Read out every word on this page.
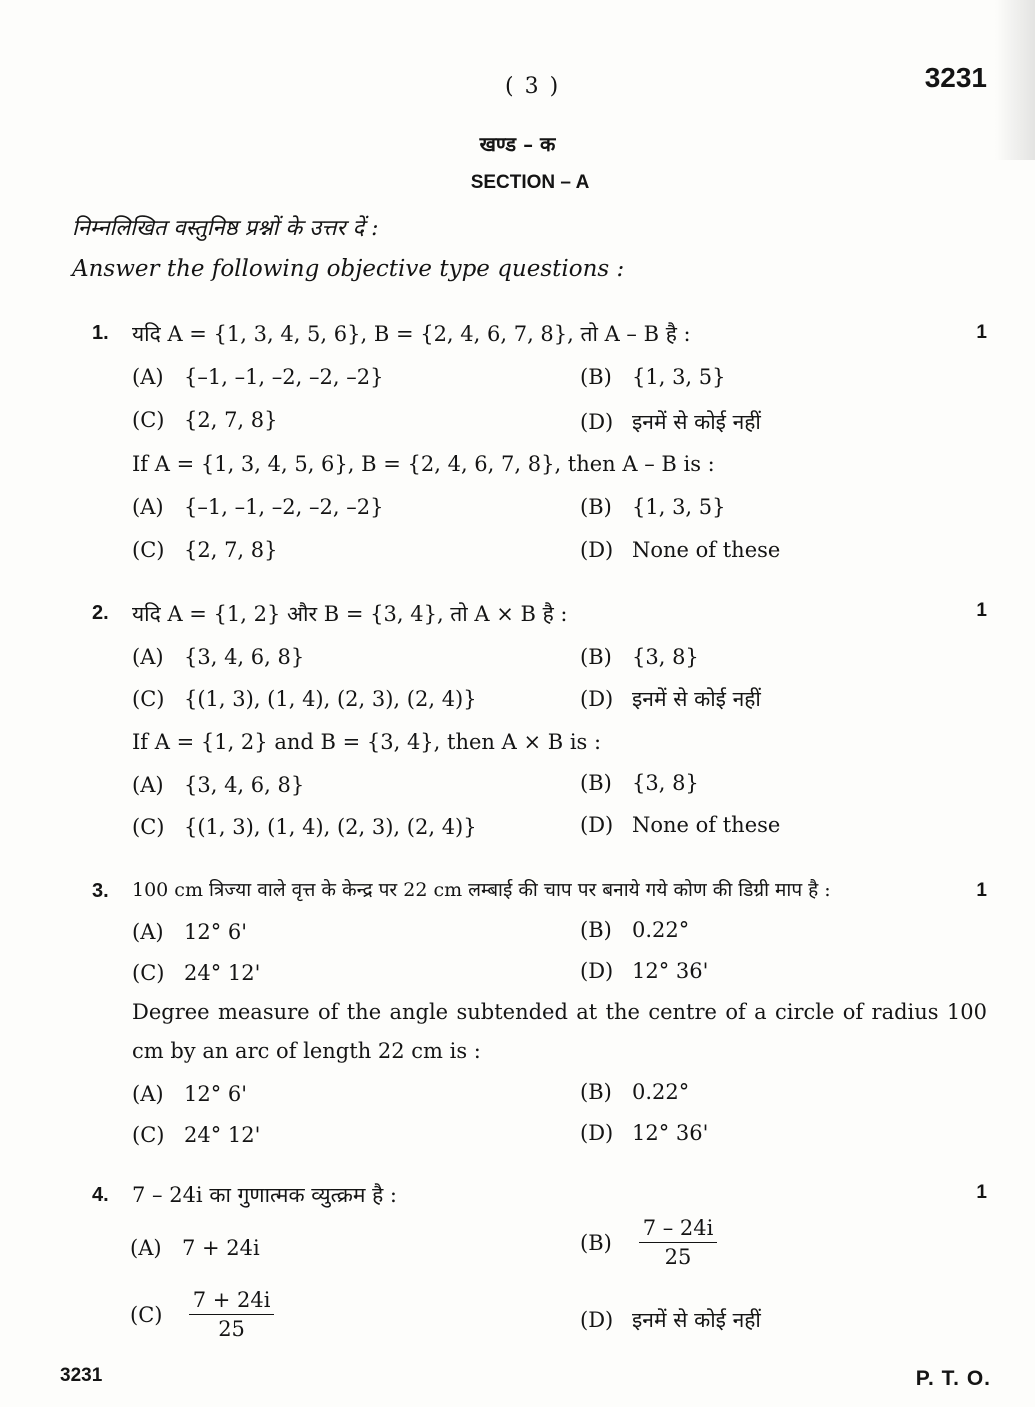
( 3 )	3231
खण्ड – क
SECTION – A
निम्नलिखित वस्तुनिष्ठ प्रश्नों के उत्तर दें :
Answer the following objective type questions :
1. यदि A = {1, 3, 4, 5, 6}, B = {2, 4, 6, 7, 8}, तो A – B है :	1
(A) {–1, –1, –2, –2, –2}	(B) {1, 3, 5}
(C) {2, 7, 8}	(D) इनमें से कोई नहीं
If A = {1, 3, 4, 5, 6}, B = {2, 4, 6, 7, 8}, then A – B is :
(A) {–1, –1, –2, –2, –2}	(B) {1, 3, 5}
(C) {2, 7, 8}	(D) None of these
2. यदि A = {1, 2} और B = {3, 4}, तो A × B है :	1
(A) {3, 4, 6, 8}	(B) {3, 8}
(C) {(1, 3), (1, 4), (2, 3), (2, 4)}	(D) इनमें से कोई नहीं
If A = {1, 2} and B = {3, 4}, then A × B is :
(A) {3, 4, 6, 8}	(B) {3, 8}
(C) {(1, 3), (1, 4), (2, 3), (2, 4)}	(D) None of these
3. 100 cm त्रिज्या वाले वृत्त के केन्द्र पर 22 cm लम्बाई की चाप पर बनाये गये कोण की डिग्री माप है :	1
(A) 12° 6'	(B) 0.22°
(C) 24° 12'	(D) 12° 36'
Degree measure of the angle subtended at the centre of a circle of radius 100 cm by an arc of length 22 cm is :
(A) 12° 6'	(B) 0.22°
(C) 24° 12'	(D) 12° 36'
4. 7 – 24i का गुणात्मक व्युत्क्रम है :	1
(A) 7 + 24i	$(B) \frac{7 - 24i}{25}$
$(C) \frac{7 + 24i}{25}$	(D) इनमें से कोई नहीं
3231	P. T. O.
